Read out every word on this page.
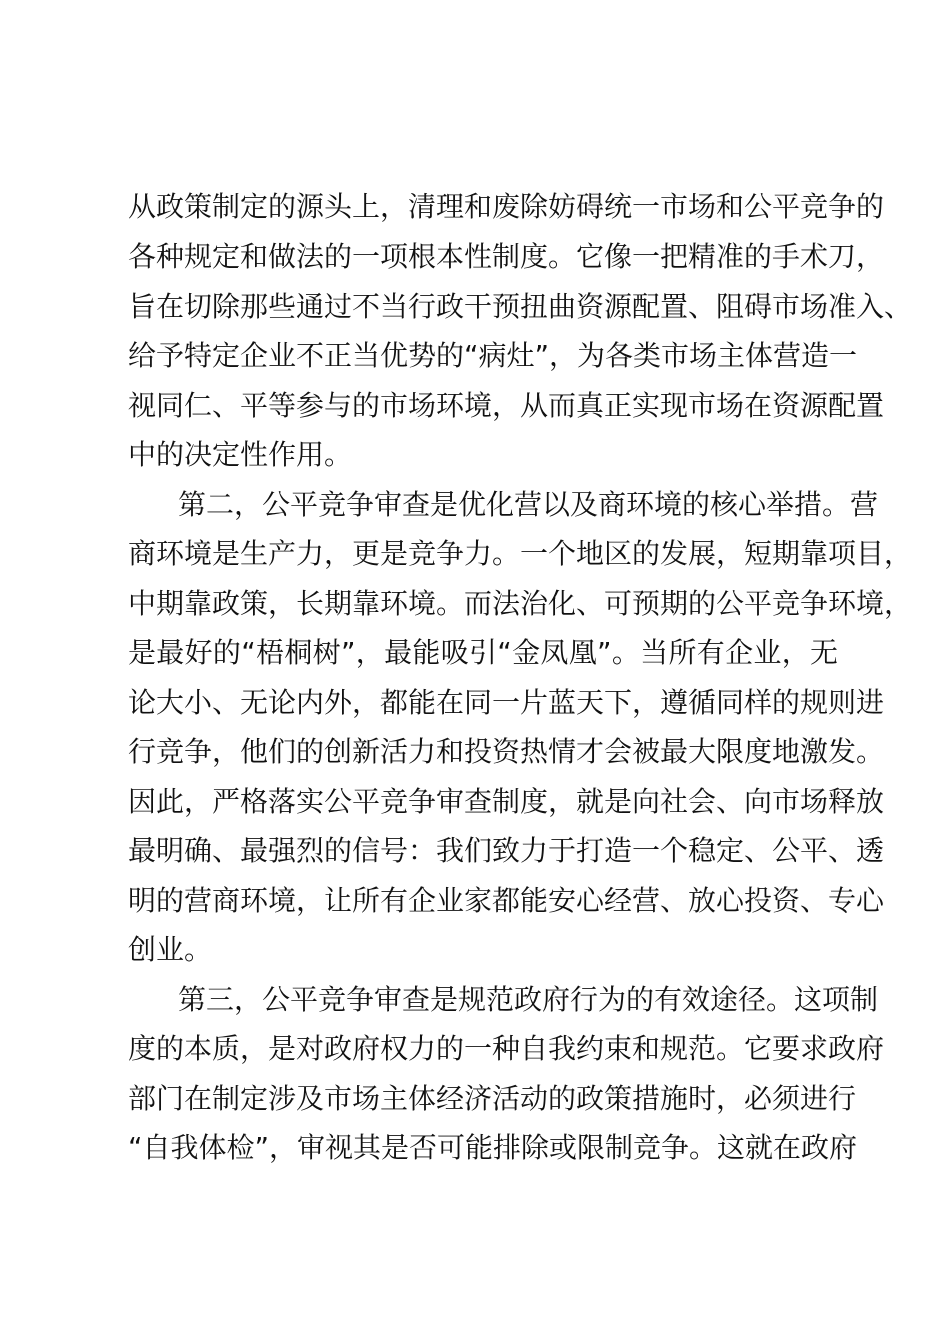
从政策制定的源头上，清理和废除妨碍统一市场和公平竞争的
各种规定和做法的一项根本性制度。它像一把精准的手术刀，
旨在切除那些通过不当行政干预扭曲资源配置、阻碍市场准入、
给予特定企业不正当优势的“病灶”，为各类市场主体营造一
视同仁、平等参与的市场环境，从而真正实现市场在资源配置
中的决定性作用。
第二，公平竞争审查是优化营以及商环境的核心举措。营
商环境是生产力，更是竞争力。一个地区的发展，短期靠项目，
中期靠政策，长期靠环境。而法治化、可预期的公平竞争环境，
是最好的“梧桐树”，最能吸引“金凤凰”。当所有企业，无
论大小、无论内外，都能在同一片蓝天下，遵循同样的规则进
行竞争，他们的创新活力和投资热情才会被最大限度地激发。
因此，严格落实公平竞争审查制度，就是向社会、向市场释放
最明确、最强烈的信号：我们致力于打造一个稳定、公平、透
明的营商环境，让所有企业家都能安心经营、放心投资、专心
创业。
第三，公平竞争审查是规范政府行为的有效途径。这项制
度的本质，是对政府权力的一种自我约束和规范。它要求政府
部门在制定涉及市场主体经济活动的政策措施时，必须进行
“自我体检”，审视其是否可能排除或限制竞争。这就在政府
